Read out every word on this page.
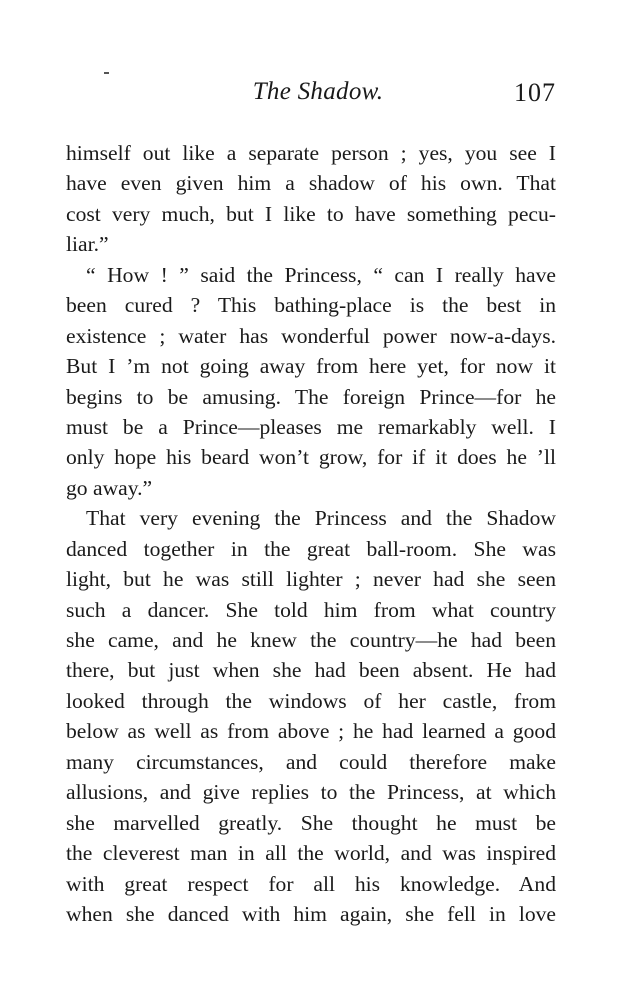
The Shadow.	107
himself out like a separate person ; yes, you see I
have even given him a shadow of his own. That
cost very much, but I like to have something pecu-
liar.”
“ How ! ” said the Princess, “ can I really have
been cured ? This bathing-place is the best in
existence ; water has wonderful power now-a-days.
But I ’m not going away from here yet, for now it
begins to be amusing. The foreign Prince—for he
must be a Prince—pleases me remarkably well. I
only hope his beard won’t grow, for if it does he ’ll
go away.”
That very evening the Princess and the Shadow
danced together in the great ball-room. She was
light, but he was still lighter ; never had she seen
such a dancer. She told him from what country
she came, and he knew the country—he had been
there, but just when she had been absent. He had
looked through the windows of her castle, from
below as well as from above ; he had learned a good
many circumstances, and could therefore make
allusions, and give replies to the Princess, at which
she marvelled greatly. She thought he must be
the cleverest man in all the world, and was inspired
with great respect for all his knowledge. And
when she danced with him again, she fell in love
